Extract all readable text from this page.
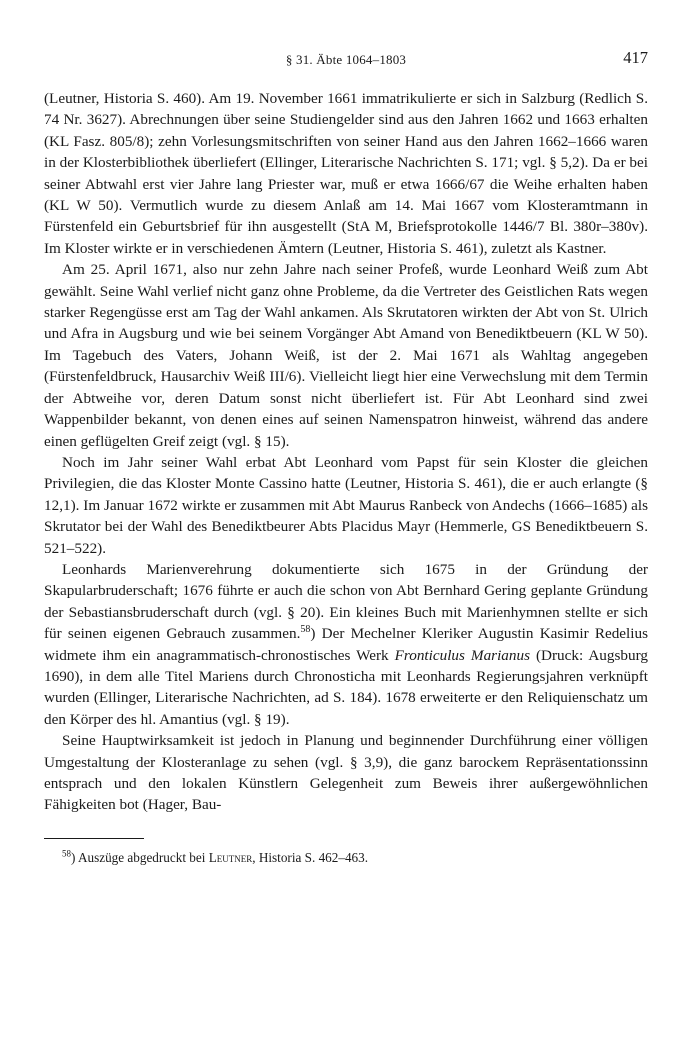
§ 31. Äbte 1064–1803	417

(Leutner, Historia S. 460). Am 19. November 1661 immatrikulierte er sich in Salzburg (Redlich S. 74 Nr. 3627). Abrechnungen über seine Studiengelder sind aus den Jahren 1662 und 1663 erhalten (KL Fasz. 805/8); zehn Vorlesungsmitschriften von seiner Hand aus den Jahren 1662–1666 waren in der Klosterbibliothek überliefert (Ellinger, Literarische Nachrichten S. 171; vgl. § 5,2). Da er bei seiner Abtwahl erst vier Jahre lang Priester war, muß er etwa 1666/67 die Weihe erhalten haben (KL W 50). Vermutlich wurde zu diesem Anlaß am 14. Mai 1667 vom Klosteramtmann in Fürstenfeld ein Geburtsbrief für ihn ausgestellt (StA M, Briefsprotokolle 1446/7 Bl. 380r–380v). Im Kloster wirkte er in verschiedenen Ämtern (Leutner, Historia S. 461), zuletzt als Kastner.

Am 25. April 1671, also nur zehn Jahre nach seiner Profeß, wurde Leonhard Weiß zum Abt gewählt. Seine Wahl verlief nicht ganz ohne Probleme, da die Vertreter des Geistlichen Rats wegen starker Regengüsse erst am Tag der Wahl ankamen. Als Skrutatoren wirkten der Abt von St. Ulrich und Afra in Augsburg und wie bei seinem Vorgänger Abt Amand von Benediktbeuern (KL W 50). Im Tagebuch des Vaters, Johann Weiß, ist der 2. Mai 1671 als Wahltag angegeben (Fürstenfeldbruck, Hausarchiv Weiß III/6). Vielleicht liegt hier eine Verwechslung mit dem Termin der Abtweihe vor, deren Datum sonst nicht überliefert ist. Für Abt Leonhard sind zwei Wappenbilder bekannt, von denen eines auf seinen Namenspatron hinweist, während das andere einen geflügelten Greif zeigt (vgl. § 15).

Noch im Jahr seiner Wahl erbat Abt Leonhard vom Papst für sein Kloster die gleichen Privilegien, die das Kloster Monte Cassino hatte (Leutner, Historia S. 461), die er auch erlangte (§ 12,1). Im Januar 1672 wirkte er zusammen mit Abt Maurus Ranbeck von Andechs (1666–1685) als Skrutator bei der Wahl des Benediktbeurer Abts Placidus Mayr (Hemmerle, GS Benediktbeuern S. 521–522).

Leonhards Marienverehrung dokumentierte sich 1675 in der Gründung der Skapularbruderschaft; 1676 führte er auch die schon von Abt Bernhard Gering geplante Gründung der Sebastiansbruderschaft durch (vgl. § 20). Ein kleines Buch mit Marienhymnen stellte er sich für seinen eigenen Gebrauch zusammen.$^{58}$) Der Mechelner Kleriker Augustin Kasimir Redelius widmete ihm ein anagrammatisch-chronostisches Werk Fronticulus Marianus (Druck: Augsburg 1690), in dem alle Titel Mariens durch Chronosticha mit Leonhards Regierungsjahren verknüpft wurden (Ellinger, Literarische Nachrichten, ad S. 184). 1678 erweiterte er den Reliquienschatz um den Körper des hl. Amantius (vgl. § 19).

Seine Hauptwirksamkeit ist jedoch in Planung und beginnender Durchführung einer völligen Umgestaltung der Klosteranlage zu sehen (vgl. § 3,9), die ganz barockem Repräsentationssinn entsprach und den lokalen Künstlern Gelegenheit zum Beweis ihrer außergewöhnlichen Fähigkeiten bot (Hager, Bau-

$^{58}$) Auszüge abgedruckt bei Leutner, Historia S. 462–463.
